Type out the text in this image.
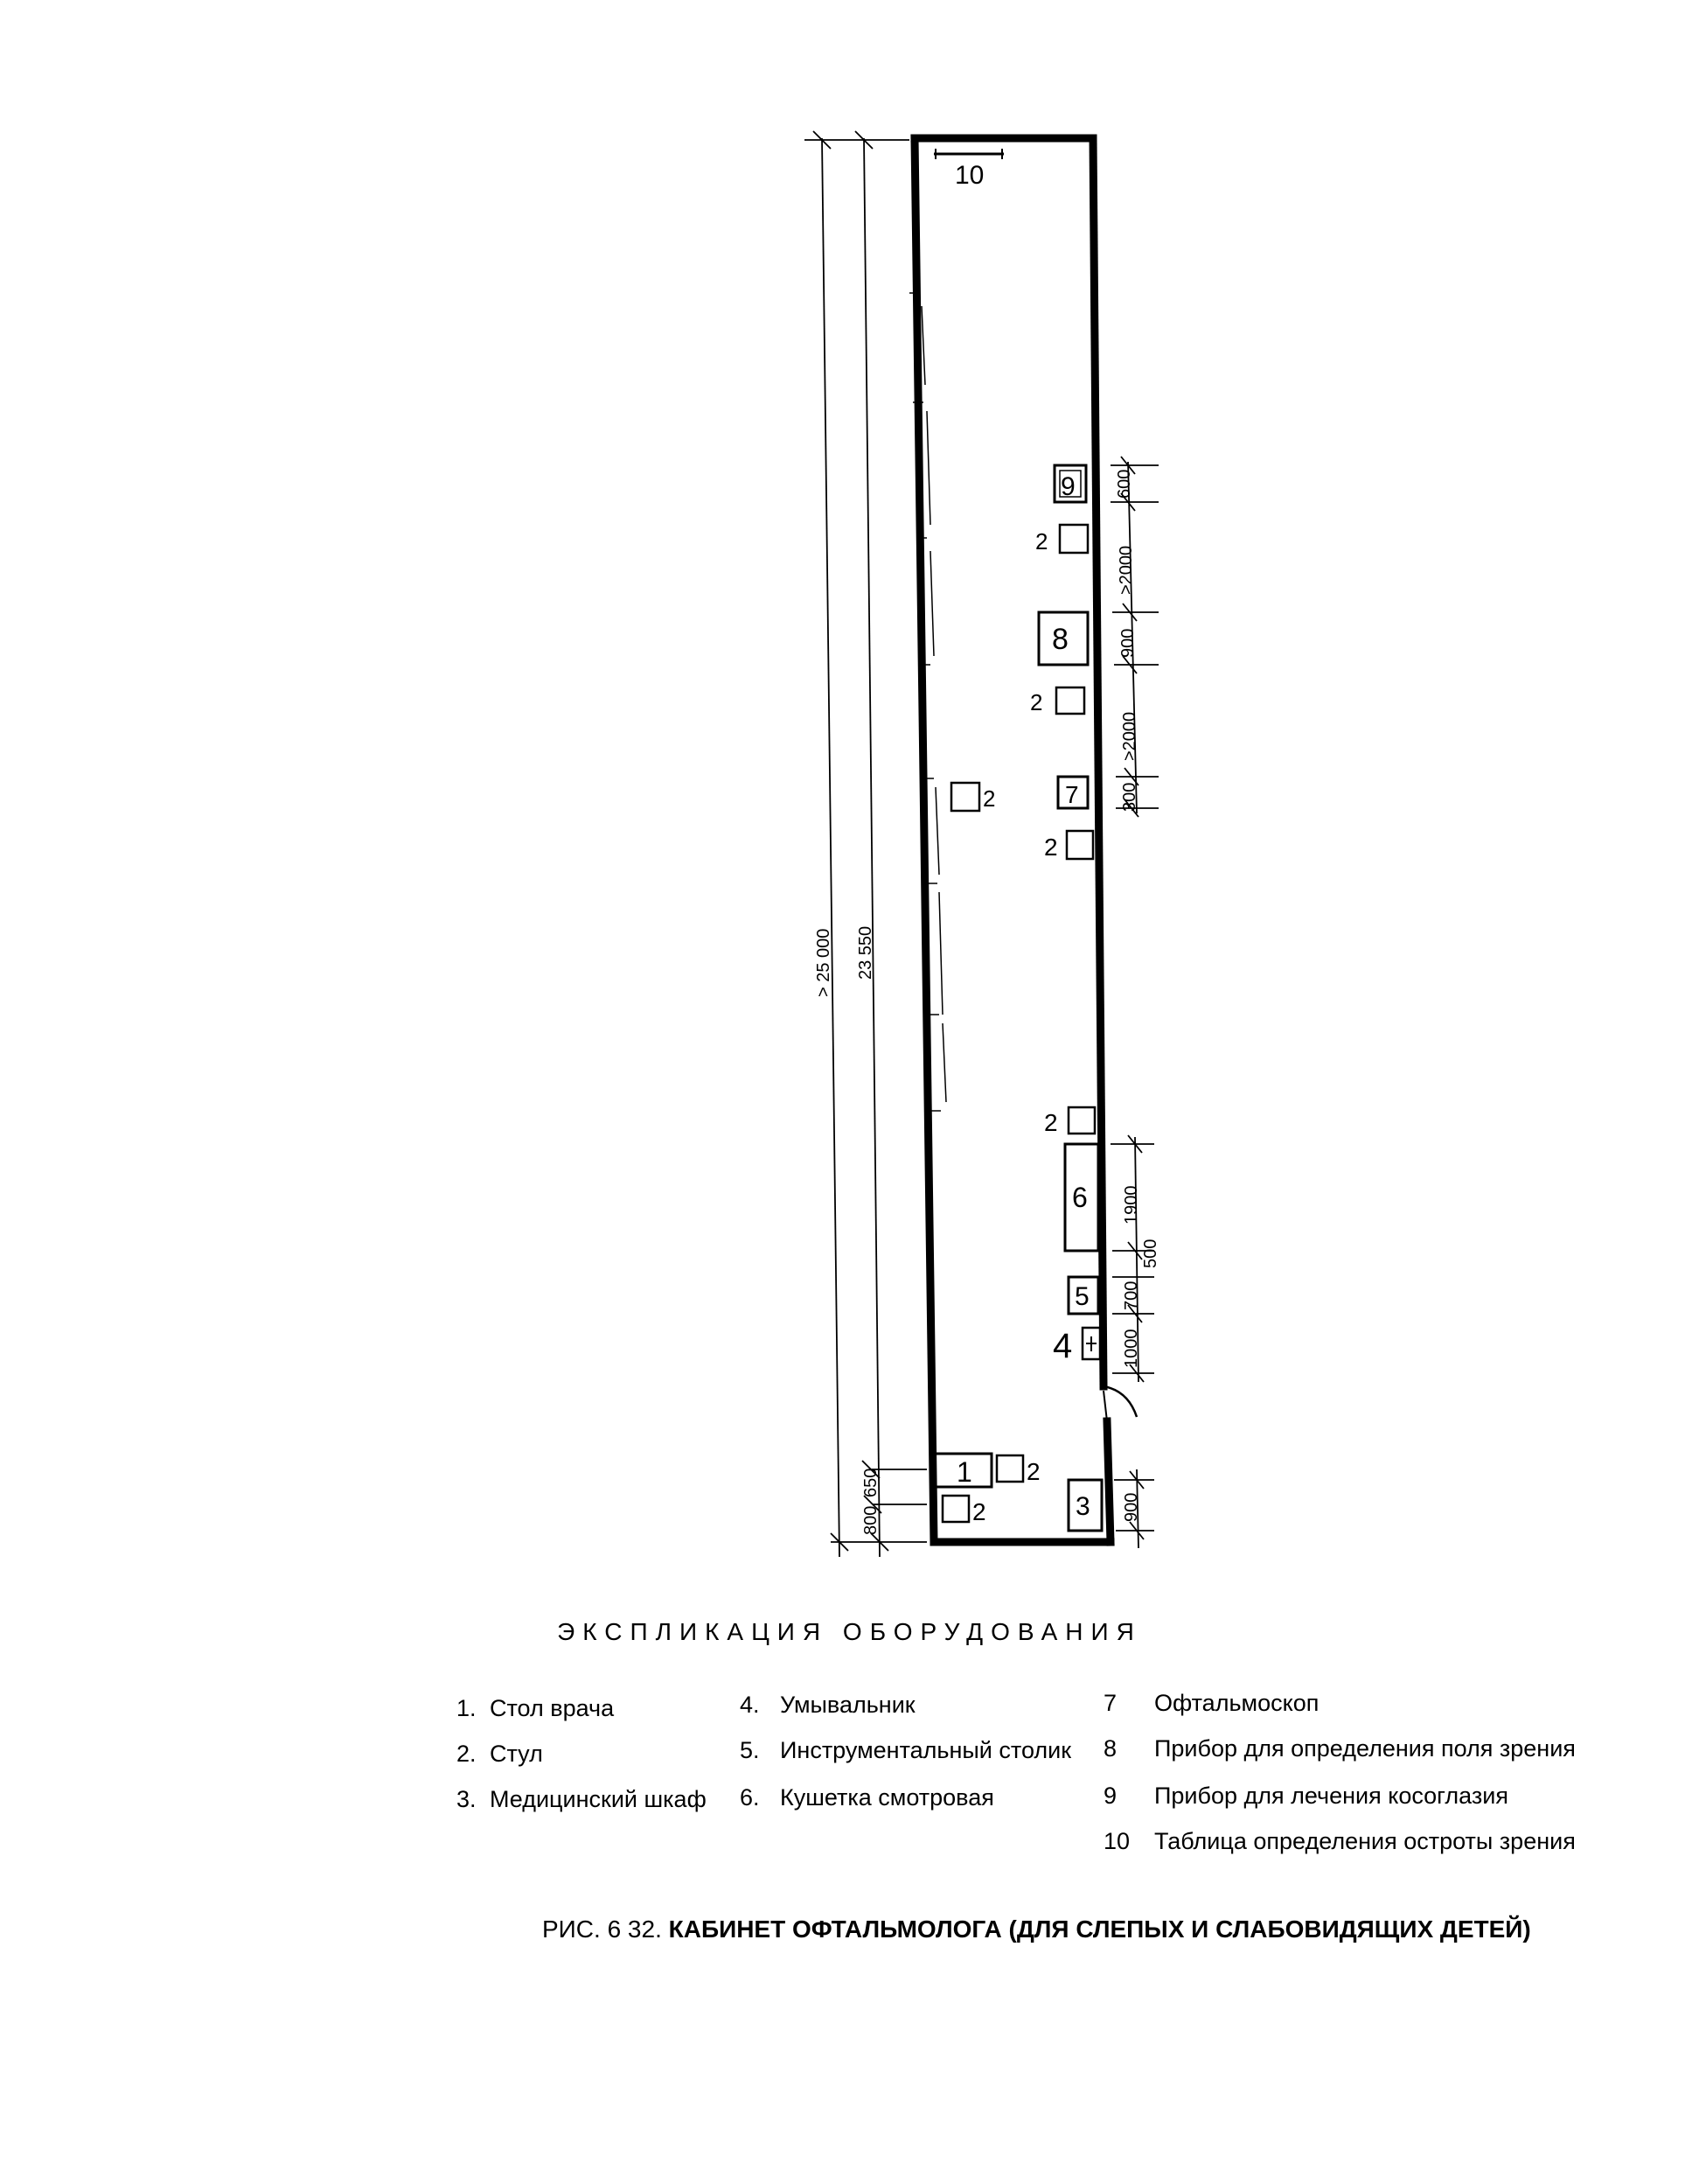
10
9
2
8
2
2	7
2
2
6
5
4
1 2
2	3
> 25 000 23 550
800
650
600
>2000
900
>2000
300
1900
500
700
1000
900
ЭКСПЛИКАЦИЯ ОБОРУДОВАНИЯ
1. Стол врача
2. Стул
3. Медицинский шкаф
4. Умывальник
5. Инструментальный столик
6. Кушетка смотровая
7 Офтальмоскоп
8 Прибор для определения поля зрения
9 Прибор для лечения косоглазия
10 Таблица определения остроты зрения
РИС. 6 32. КАБИНЕТ ОФТАЛЬМОЛОГА (ДЛЯ СЛЕПЫХ И СЛАБОВИДЯЩИХ ДЕТЕЙ)
